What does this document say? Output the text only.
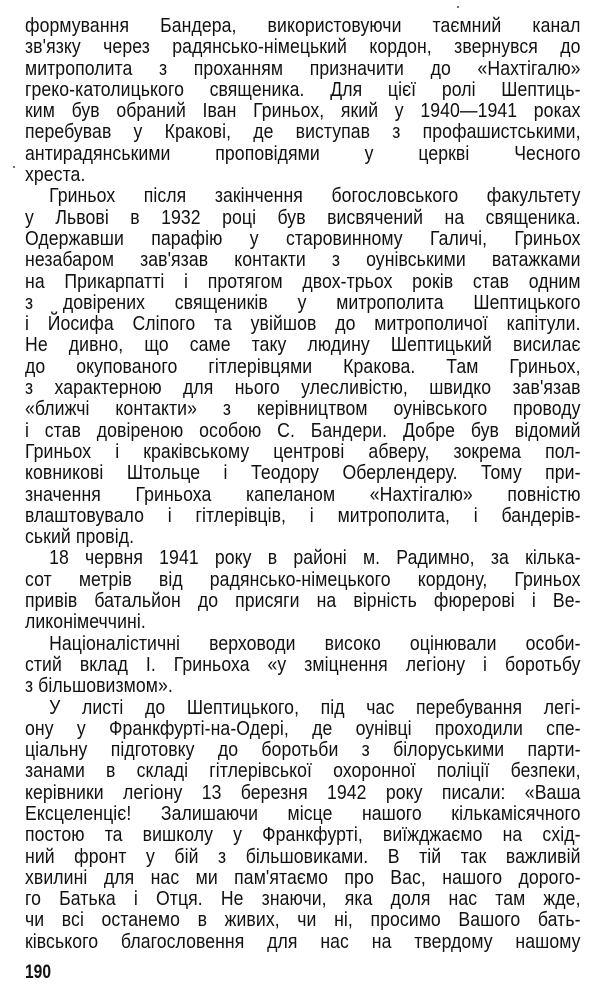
формування Бандера, використовуючи таємний канал
зв'язку через радянсько-німецький кордон, звернувся до
митрополита з проханням призначити до «Нахтігалю»
греко-католицького священика. Для цієї ролі Шептиць-
ким був обраний Іван Гриньох, який у 1940—1941 роках
перебував у Кракові, де виступав з профашистськими,
антирадянськими проповідями у церкві Чесного
хреста.
Гриньох після закінчення богословського факультету
у Львові в 1932 році був висвячений на священика.
Одержавши парафію у старовинному Галичі, Гриньох
незабаром зав'язав контакти з оунівськими ватажками
на Прикарпатті і протягом двох-трьох років став одним
з довірених священиків у митрополита Шептицького
і Йосифа Сліпого та увійшов до митрополичої капітули.
Не дивно, що саме таку людину Шептицький висилає
до окупованого гітлерівцями Кракова. Там Гриньох,
з характерною для нього улесливістю, швидко зав'язав
«ближчі контакти» з керівництвом оунівського проводу
і став довіреною особою С. Бандери. Добре був відомий
Гриньох і краківському центрові абверу, зокрема пол-
ковникові Штольце і Теодору Оберлендеру. Тому при-
значення Гриньоха капеланом «Нахтігалю» повністю
влаштовувало і гітлерівців, і митрополита, і бандерів-
ський провід.
18 червня 1941 року в районі м. Радимно, за кілька-
сот метрів від радянсько-німецького кордону, Гриньох
привів батальйон до присяги на вірність фюрерові і Ве-
ликонімеччині.
Націоналістичні верховоди високо оцінювали особи-
стий вклад І. Гриньоха «у зміцнення легіону і боротьбу
з більшовизмом».
У листі до Шептицького, під час перебування легі-
ону у Франкфурті-на-Одері, де оунівці проходили спе-
ціальну підготовку до боротьби з білоруськими парти-
занами в складі гітлерівської охоронної поліції безпеки,
керівники легіону 13 березня 1942 року писали: «Ваша
Ексцеленціє! Залишаючи місце нашого кількамісячного
постою та вишколу у Франкфурті, виїжджаємо на схід-
ний фронт у бій з більшовиками. В тій так важливій
хвилині для нас ми пам'ятаємо про Вас, нашого дорого-
го Батька і Отця. Не знаючи, яка доля нас там жде,
чи всі останемо в живих, чи ні, просимо Вашого бать-
ківського благословення для нас на твердому нашому
190
